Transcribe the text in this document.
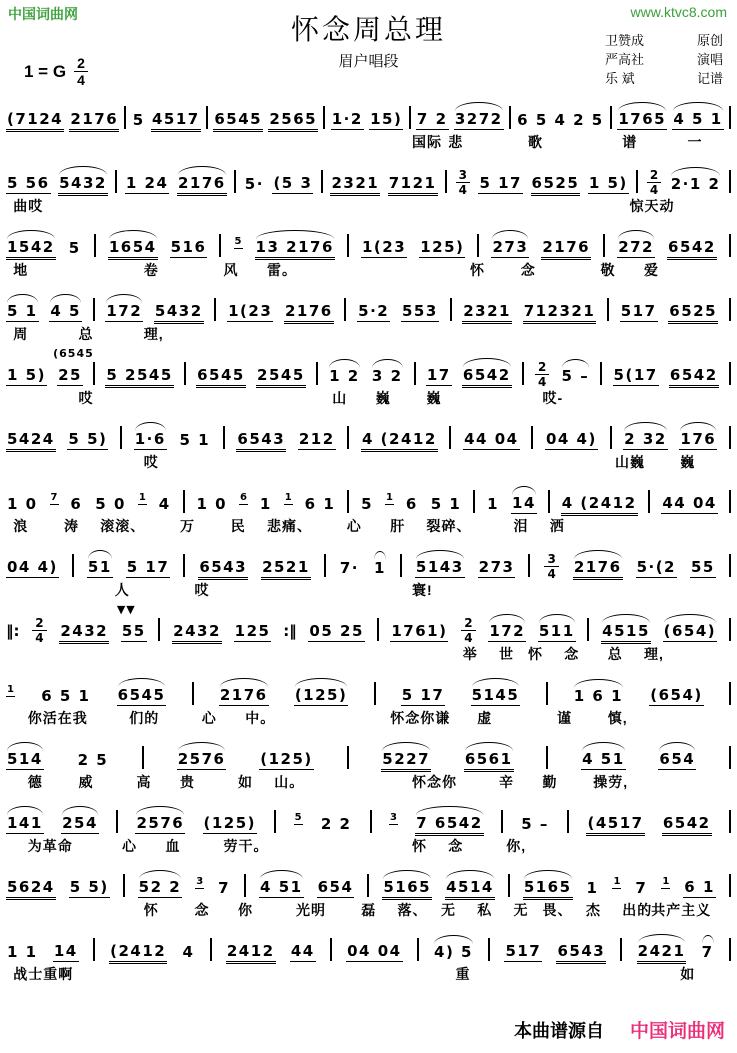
中国词曲网	www.ktvc8.com
怀念周总理
眉户唱段
卫赞成	原创
严高社	演唱
乐 斌	记谱
1 = G 2
4
(7124 2176 5 4517 6545 2565 1·2 15) 7 2 3272 6 5 4 2 5 1765 4 5 1
国际 悲	歌	谱	一
5 56 5432 1 24 2176 5· (5 3 2321 7121 3
4 5 17 6525 1 5) 2
4 2·1 2
曲哎	惊天动
1542 5 1654 516	5 13 2176 1(23 125) 273 2176 272 6542
地	卷	风 雷。	怀	念	敬 爱
5 1 4 5 172 5432 1(23 2176 5·2 553 2321 712321 517 6525
周	总	理,
1 5) 25
(6545
5 2545 6545 2545 1 2 3 2 17 6542 2
4 5 – 5(17 6542
哎	山 巍	巍	哎-
5424 5 5) 1·6 5 1 6543 212 4 (2412 44 04 04 4) 2 32 176
哎	山巍	巍
1 0 7 6 5 0 1 4 1 0 6 1 1 6 1 5 1 6 5 1 1 14 4 (2412 44 04
浪	涛 滚滚、 万	民 悲痛、 心 肝 裂碎、	泪 洒
04 4) 51 5 17 6543 2521 7· 1 5143 273	3
4 2176 5·(2 55
人	哎	寰!
‖: 2
4 2432 55
▼▼
2432 125 :‖ 05 25 1761) 2
4 172 511 4515 (654)
举 世 怀 念 总 理,
1 6 5 1 6545	2176 (125)	5 17 5145	1 6 1 (654)
你活在我	们的	心 中。	怀念你谦 虚	谨	慎,
514 2 5	2576 (125)	5227 6561	4 51 654
德	威	高 贵	如 山。	怀念你	辛 勤	操劳,
141 254	2576 (125)	5 2 2	3 7 6542	5 –	(4517 6542
为革命	心 血	劳干。	怀 念	你,
5624 5 5) 52 2 3 7 4 51 654 5165 4514 5165 1 1 7 1 6 1
怀	念 你	光明	磊 落、 无 私 无 畏、 杰 出的 共产主义
1 1 14 (2412 4 2412 44 04 04 4) 5 517 6543 2421 7
战士重啊	重	如
本曲谱源自 中国词曲网
